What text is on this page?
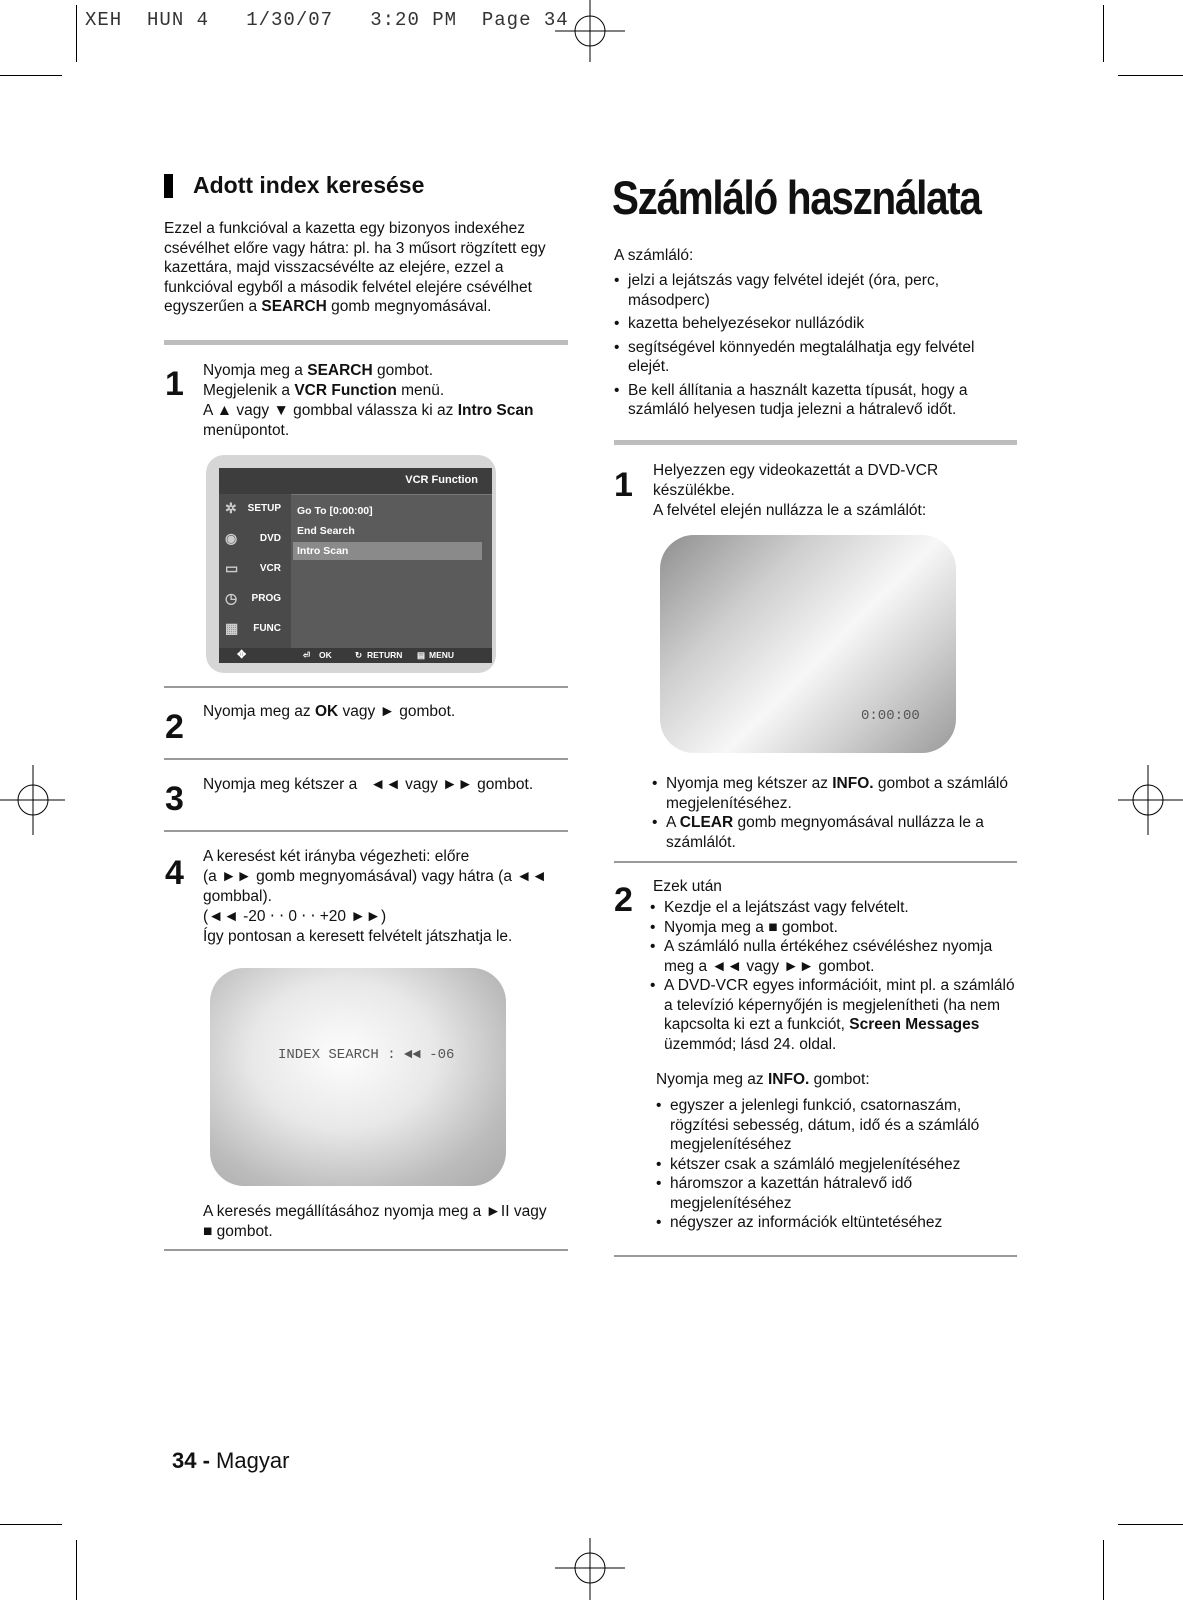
XEH  HUN 4   1/30/07   3:20 PM  Page 34
Adott index keresése
Ezzel a funkcióval a kazetta egy bizonyos indexéhez csévélhet előre vagy hátra: pl. ha 3 műsort rögzített egy kazettára, majd visszacsévélte az elejére, ezzel a funkcióval egyből a második felvétel elejére csévélhet egyszerűen a SEARCH gomb megnyomásával.
1 Nyomja meg a SEARCH gombot.
Megjelenik a VCR Function menü.
A ▲ vagy ▼ gombbal válassza ki az Intro Scan
menüpontot.
VCR Function
✲	SETUP
◉	DVD
▭	VCR
◷	PROG
▦	FUNC
Go To [0:00:00]
End Search
Intro Scan
✥	⏎ OK	↻ RETURN ▤ MENU
2 Nyomja meg az OK vagy ► gombot.
3 Nyomja meg kétszer a   ◄◄ vagy ►► gombot.
4 A keresést két irányba végezheti: előre
(a ►► gomb megnyomásával) vagy hátra (a ◄◄
gombbal).
(◄◄ -20 ⋅ ⋅ 0 ⋅ ⋅ +20 ►►)
Így pontosan a keresett felvételt játszhatja le.
INDEX SEARCH : ◄◄ -06
A keresés megállításához nyomja meg a ►II vagy
■ gombot.
34 - Magyar
Számláló használata
A számláló:
• jelzi a lejátszás vagy felvétel idejét (óra, perc, másodperc)
• kazetta behelyezésekor nullázódik
• segítségével könnyedén megtalálhatja egy felvétel elejét.
• Be kell állítania a használt kazetta típusát, hogy a számláló helyesen tudja jelezni a hátralevő időt.
1 Helyezzen egy videokazettát a DVD-VCR
készülékbe.
A felvétel elején nullázza le a számlálót:
0:00:00
• Nyomja meg kétszer az INFO. gombot a számláló megjelenítéséhez.
• A CLEAR gomb megnyomásával nullázza le a számlálót.
2 Ezek után
• Kezdje el a lejátszást vagy felvételt.
• Nyomja meg a ■ gombot.
• A számláló nulla értékéhez csévéléshez nyomja meg a ◄◄ vagy ►► gombot.
• A DVD-VCR egyes információit, mint pl. a számláló a televízió képernyőjén is megjelenítheti (ha nem kapcsolta ki ezt a funkciót, Screen Messages üzemmód; lásd 24. oldal.
Nyomja meg az INFO. gombot:
• egyszer a jelenlegi funkció, csatornaszám, rögzítési sebesség, dátum, idő és a számláló megjelenítéséhez
• kétszer csak a számláló megjelenítéséhez
• háromszor a kazettán hátralevő idő megjelenítéséhez
• négyszer az információk eltüntetéséhez
